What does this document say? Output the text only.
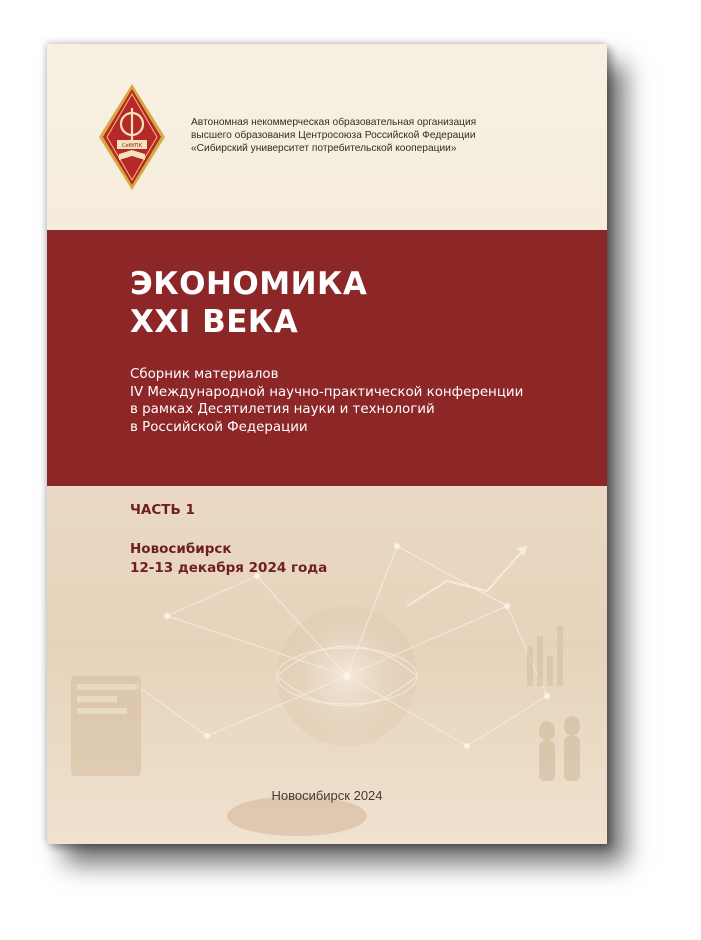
СибУПК
Автономная некоммерческая образовательная организация
высшего образования Центросоюза Российской Федерации
«Сибирский университет потребительской кооперации»
ЭКОНОМИКА
XXI ВЕКА
Сборник материалов
IV Международной научно-практической конференции
в рамках Десятилетия науки и технологий
в Российской Федерации
ЧАСТЬ 1
Новосибирск
12-13 декабря 2024 года
Новосибирск 2024
